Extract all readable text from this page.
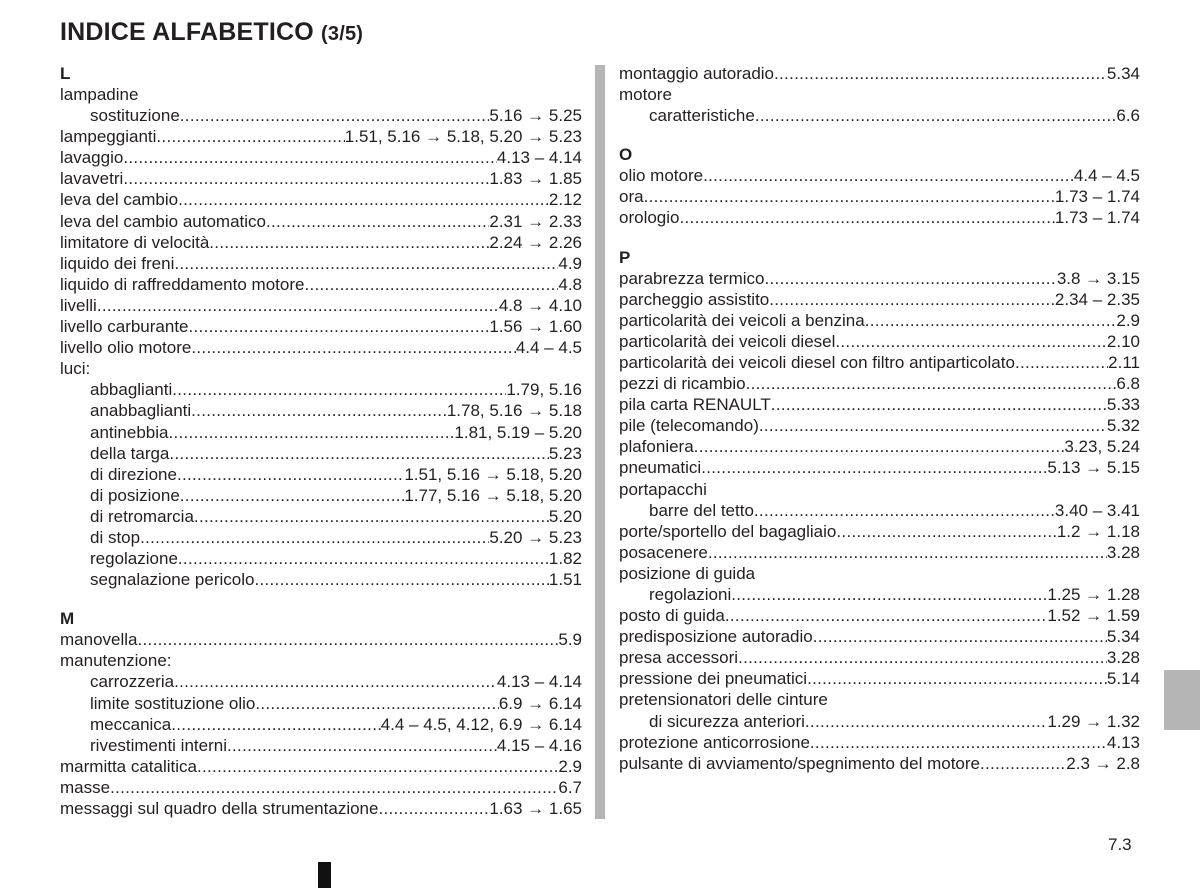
INDICE ALFABETICO (3/5)
L
lampadine
sostituzione .....	5.16 → 5.25
lampeggianti .....	1.51, 5.16 → 5.18, 5.20 → 5.23
lavaggio .....	4.13 – 4.14
lavavetri .....	1.83 → 1.85
leva del cambio .....	2.12
leva del cambio automatico .....	2.31 → 2.33
limitatore di velocità .....	2.24 → 2.26
liquido dei freni .....	4.9
liquido di raffreddamento motore .....	4.8
livelli .....	4.8 → 4.10
livello carburante .....	1.56 → 1.60
livello olio motore .....	4.4 – 4.5
luci:
abbaglianti .....	1.79, 5.16
anabbaglianti .....	1.78, 5.16 → 5.18
antinebbia .....	1.81, 5.19 – 5.20
della targa .....	5.23
di direzione .....	1.51, 5.16 → 5.18, 5.20
di posizione .....	1.77, 5.16 → 5.18, 5.20
di retromarcia .....	5.20
di stop .....	5.20 → 5.23
regolazione .....	1.82
segnalazione pericolo .....	1.51
M
manovella .....	5.9
manutenzione:
carrozzeria .....	4.13 – 4.14
limite sostituzione olio .....	6.9 → 6.14
meccanica .....	4.4 – 4.5, 4.12, 6.9 → 6.14
rivestimenti interni .....	4.15 – 4.16
marmitta catalitica .....	2.9
masse .....	6.7
messaggi sul quadro della strumentazione .....	1.63 → 1.65
montaggio autoradio .....	5.34
motore
caratteristiche .....	6.6
O
olio motore .....	4.4 – 4.5
ora .....	1.73 – 1.74
orologio .....	1.73 – 1.74
P
parabrezza termico .....	3.8 → 3.15
parcheggio assistito .....	2.34 – 2.35
particolarità dei veicoli a benzina .....	2.9
particolarità dei veicoli diesel .....	2.10
particolarità dei veicoli diesel con filtro antiparticolato .....	2.11
pezzi di ricambio .....	6.8
pila carta RENAULT .....	5.33
pile (telecomando) .....	5.32
plafoniera .....	3.23, 5.24
pneumatici .....	5.13 → 5.15
portapacchi
barre del tetto .....	3.40 – 3.41
porte/sportello del bagagliaio .....	1.2 → 1.18
posacenere .....	3.28
posizione di guida
regolazioni .....	1.25 → 1.28
posto di guida .....	1.52 → 1.59
predisposizione autoradio .....	5.34
presa accessori .....	3.28
pressione dei pneumatici .....	5.14
pretensionatori delle cinture
di sicurezza anteriori .....	1.29 → 1.32
protezione anticorrosione .....	4.13
pulsante di avviamento/spegnimento del motore .....	2.3 → 2.8
7.3
